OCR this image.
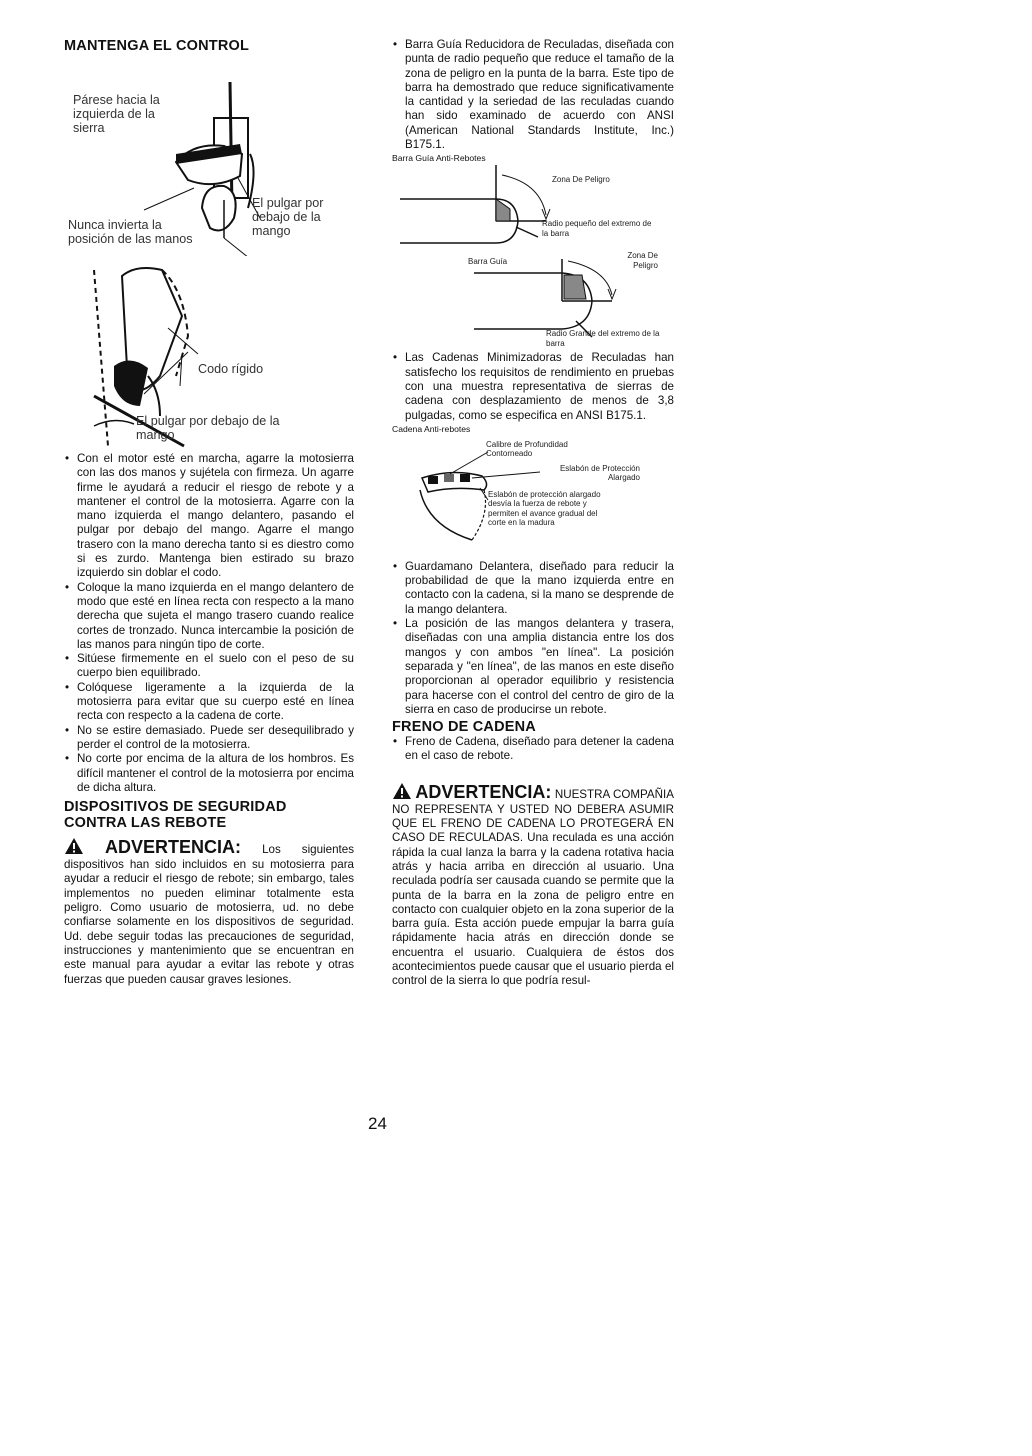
MANTENGA EL CONTROL
Párese hacia la izquierda de la sierra
Nunca invierta la posición de las manos
El pulgar por debajo de la mango
Codo rígido
El pulgar por debajo de la mango
• Con el motor esté en marcha, agarre la motosierra con las dos manos y sujétela con firmeza. Un agarre firme le ayudará a reducir el riesgo de rebote y a mantener el control de la motosierra. Agarre con la mano izquierda el mango delantero, pasando el pulgar por debajo del mango. Agarre el mango trasero con la mano derecha tanto si es diestro como si es zurdo. Mantenga bien estirado su brazo izquierdo sin doblar el codo.
• Coloque la mano izquierda en el mango delantero de modo que esté en línea recta con respecto a la mano derecha que sujeta el mango trasero cuando realice cortes de tronzado. Nunca intercambie la posición de las manos para ningún tipo de corte.
• Sitúese firmemente en el suelo con el peso de su cuerpo bien equilibrado.
• Colóquese ligeramente a la izquierda de la motosierra para evitar que su cuerpo esté en línea recta con respecto a la cadena de corte.
• No se estire demasiado. Puede ser desequilibrado y perder el control de la motosierra.
• No corte por encima de la altura de los hombros. Es difícil mantener el control de la motosierra por encima de dicha altura.
DISPOSITIVOS DE SEGURIDAD CONTRA LAS REBOTE
ADVERTENCIA: Los siguientes dispositivos han sido incluidos en su motosierra para ayudar a reducir el riesgo de rebote; sin embargo, tales implementos no pueden eliminar totalmente esta peligro. Como usuario de motosierra, ud. no debe confiarse solamente en los dispositivos de seguridad. Ud. debe seguir todas las precauciones de seguridad, instrucciones y mantenimiento que se encuentran en este manual para ayudar a evitar las rebote y otras fuerzas que pueden causar graves lesiones.
• Barra Guía Reducidora de Reculadas, diseñada con punta de radio pequeño que reduce el tamaño de la zona de peligro en la punta de la barra. Este tipo de barra ha demostrado que reduce significativamente la cantidad y la seriedad de las reculadas cuando han sido examinado de acuerdo con ANSI (American National Standards Institute, Inc.) B175.1.
Barra Guía Anti-Rebotes
Zona De Peligro
Radio pequeño del extremo de la barra
Barra Guía
Zona De Peligro
Radio Grande del extremo de la barra
• Las Cadenas Minimizadoras de Reculadas han satisfecho los requisitos de rendimiento en pruebas con una muestra representativa de sierras de cadena con desplazamiento de menos de 3,8 pulgadas, como se especifica en ANSI B175.1.
Cadena Anti-rebotes
Calibre de Profundidad Contorneado
Eslabón de Protección Alargado
Eslabón de protección alargado desvía la fuerza de rebote y permiten el avance gradual del corte en la madura
• Guardamano Delantera, diseñado para reducir la probabilidad de que la mano izquierda entre en contacto con la cadena, si la mano se desprende de la mango delantera.
• La posición de las mangos delantera y trasera, diseñadas con una amplia distancia entre los dos mangos y con ambos "en línea". La posición separada y "en línea", de las manos en este diseño proporcionan al operador equilibrio y resistencia para hacerse con el control del centro de giro de la sierra en caso de producirse un rebote.
FRENO DE CADENA
• Freno de Cadena, diseñado para detener la cadena en el caso de rebote.
ADVERTENCIA: NUESTRA COMPAÑIA NO REPRESENTA Y USTED NO DEBERA ASUMIR QUE EL FRENO DE CADENA LO PROTEGERÁ EN CASO DE RECULADAS. Una reculada es una acción rápida la cual lanza la barra y la cadena rotativa hacia atrás y hacia arriba en dirección al usuario. Una reculada podría ser causada cuando se permite que la punta de la barra en la zona de peligro entre en contacto con cualquier objeto en la zona superior de la barra guía. Esta acción puede empujar la barra guía rápidamente hacia atrás en dirección donde se encuentra el usuario. Cualquiera de éstos dos acontecimientos puede causar que el usuario pierda el control de la sierra lo que podría resul-
24
